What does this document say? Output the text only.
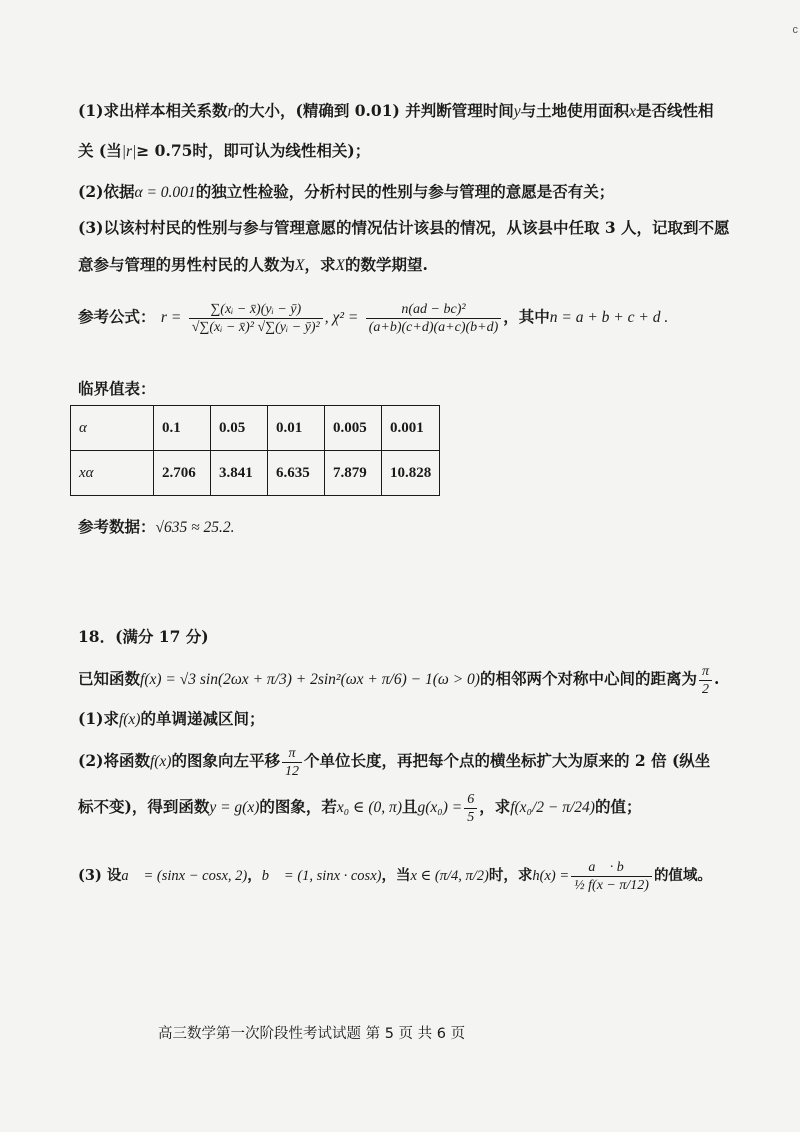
c
(1)求出样本相关系数r的大小，(精确到 0.01) 并判断管理时间y与土地使用面积x是否线性相
关 (当|r|≥ 0.75时，即可认为线性相关)；
(2)依据α = 0.001的独立性检验，分析村民的性别与参与管理的意愿是否有关；
(3)以该村村民的性别与参与管理意愿的情况估计该县的情况，从该县中任取 3 人，记取到不愿
意参与管理的男性村民的人数为X，求X的数学期望.
参考公式： $r = \frac{\text{∑(xᵢ − x̄)(yᵢ − ȳ)}}{\text{√∑(xᵢ − x̄)² √∑(yᵢ − ȳ)²}}$ , $\chi^2 = \frac{\text{n(ad − bc)²}}{(a+b)(c+d)(a+c)(b+d)}$ ，其中n = a + b + c + d .
临界值表：
α	0.1	0.05	0.01	0.005	0.001
xα	2.706	3.841	6.635	7.879	10.828
参考数据：√635 ≈ 25.2.
18．(满分 17 分)
已知函数f(x) = √3 sin(2ωx + π/3) + 2sin²(ωx + π/6) − 1(ω > 0)的相邻两个对称中心间的距离为 $\frac{\pi}{2}$ .
(1)求f(x)的单调递减区间；
(2)将函数f(x)的图象向左平移 $\frac{\pi}{12}$ 个单位长度，再把每个点的横坐标扩大为原来的 2 倍 (纵坐
标不变)，得到函数y = g(x)的图象，若x₀ ∈ (0, π)且$g(x_0) = \frac{6}{5}$ ，求f(x₀/2 − π/24)的值；
(3) 设a⃗ = (sinx − cosx, 2)，b⃗ = (1, sinx · cosx)，当x ∈ (π/4, π/2)时，求$h(x) = \frac{a⃗ \cdot b⃗}{\text{½ f(x − π/12)}}$ 的值域。
高三数学第一次阶段性考试试题 第 5 页 共 6 页
